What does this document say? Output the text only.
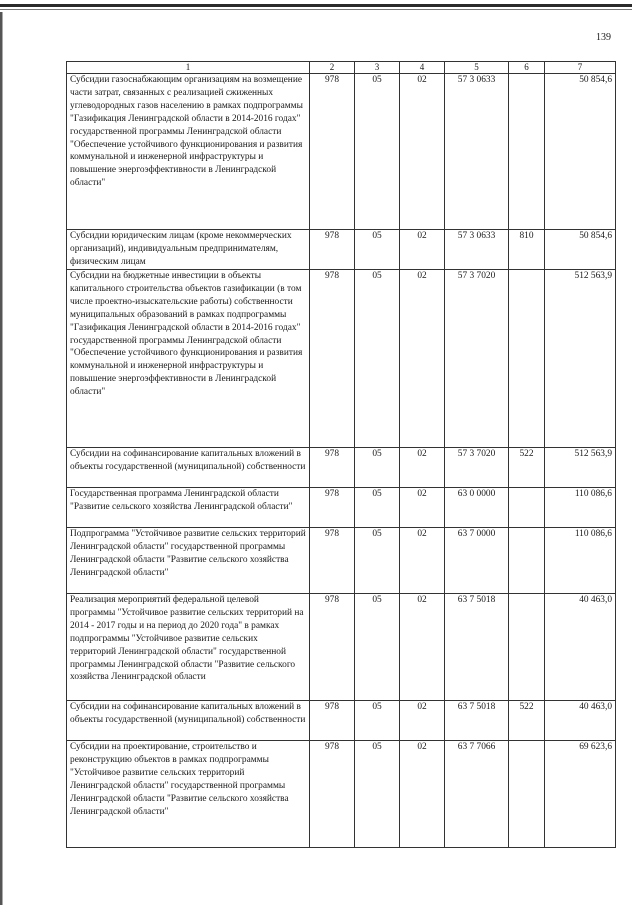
139
1	2	3	4	5	6	7
Субсидии газоснабжающим организациям на возмещение части затрат, связанных с реализацией сжиженных углеводородных газов населению в рамках подпрограммы "Газификация Ленинградской области в 2014-2016 годах" государственной программы Ленинградской области "Обеспечение устойчивого функционирования и развития коммунальной и инженерной инфраструктуры и повышение энергоэффективности в Ленинградской области"	978	05	02	57 3 0633		50 854,6
Субсидии юридическим лицам (кроме некоммерческих организаций), индивидуальным предпринимателям, физическим лицам	978	05	02	57 3 0633	810	50 854,6
Субсидии на бюджетные инвестиции в объекты капитального строительства объектов газификации (в том числе проектно-изыскательские работы) собственности муниципальных образований в рамках подпрограммы "Газификация Ленинградской области в 2014-2016 годах" государственной программы Ленинградской области "Обеспечение устойчивого функционирования и развития коммунальной и инженерной инфраструктуры и повышение энергоэффективности в Ленинградской области"	978	05	02	57 3 7020		512 563,9
Субсидии на софинансирование капитальных вложений в объекты государственной (муниципальной) собственности	978	05	02	57 3 7020	522	512 563,9
Государственная программа Ленинградской области "Развитие сельского хозяйства Ленинградской области"	978	05	02	63 0 0000		110 086,6
Подпрограмма "Устойчивое развитие сельских территорий Ленинградской области" государственной программы Ленинградской области "Развитие сельского хозяйства Ленинградской области"	978	05	02	63 7 0000		110 086,6
Реализация мероприятий федеральной целевой программы "Устойчивое развитие сельских территорий на 2014 - 2017 годы и на период до 2020 года" в рамках подпрограммы "Устойчивое развитие сельских территорий Ленинградской области" государственной программы Ленинградской области "Развитие сельского хозяйства Ленинградской области	978	05	02	63 7 5018		40 463,0
Субсидии на софинансирование капитальных вложений в объекты государственной (муниципальной) собственности	978	05	02	63 7 5018	522	40 463,0
Субсидии на проектирование, строительство и реконструкцию объектов в рамках подпрограммы "Устойчивое развитие сельских территорий Ленинградской области" государственной программы Ленинградской области "Развитие сельского хозяйства Ленинградской области"	978	05	02	63 7 7066		69 623,6
